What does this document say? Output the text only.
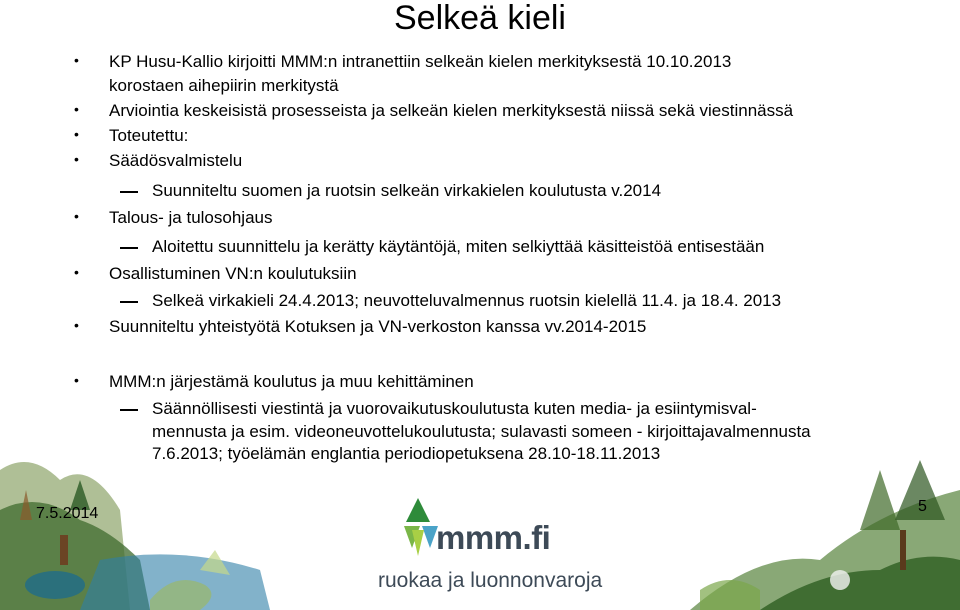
Selkeä kieli
• KP Husu-Kallio kirjoitti MMM:n intranettiin selkeän kielen merkityksestä 10.10.2013
korostaen aihepiirin merkitystä
• Arviointia keskeisistä prosesseista ja selkeän kielen merkityksestä niissä sekä viestinnässä
• Toteutettu:
• Säädösvalmistelu
Suunniteltu suomen ja ruotsin selkeän virkakielen koulutusta v.2014
• Talous- ja tulosohjaus
Aloitettu suunnittelu ja kerätty käytäntöjä, miten selkiyttää käsitteistöä entisestään
• Osallistuminen VN:n koulutuksiin
Selkeä virkakieli 24.4.2013; neuvotteluvalmennus ruotsin kielellä 11.4. ja 18.4. 2013
• Suunniteltu yhteistyötä Kotuksen ja VN-verkoston kanssa vv.2014-2015
• MMM:n järjestämä koulutus ja muu kehittäminen
Säännöllisesti viestintä ja vuorovaikutuskoulutusta kuten media- ja esiintymisval-
mennusta ja esim. videoneuvottelukoulutusta; sulavasti someen - kirjoittajavalmennusta
7.6.2013; työelämän englantia periodiopetuksena 28.10-18.11.2013
mmm.fi
ruokaa ja luonnonvaroja
7.5.2014	5
